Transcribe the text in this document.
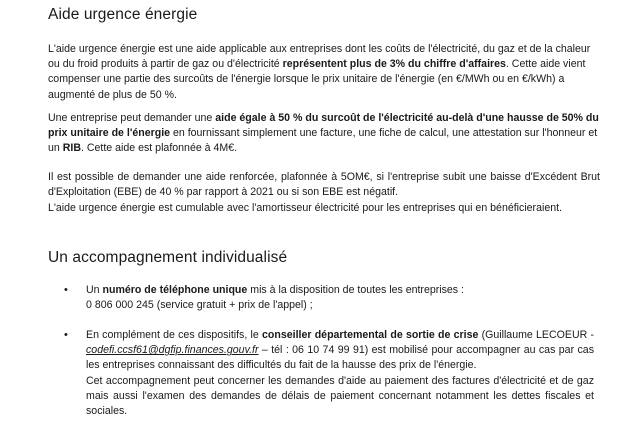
Aide urgence énergie

L'aide urgence énergie est une aide applicable aux entreprises dont les coûts de l'électricité, du gaz et de la chaleur ou du froid produits à partir de gaz ou d'électricité représentent plus de 3% du chiffre d'affaires. Cette aide vient compenser une partie des surcoûts de l'énergie lorsque le prix unitaire de l'énergie (en €/MWh ou en €/kWh) a augmenté de plus de 50 %.

Une entreprise peut demander une aide égale à 50 % du surcoût de l'électricité au-delà d'une hausse de 50% du prix unitaire de l'énergie en fournissant simplement une facture, une fiche de calcul, une attestation sur l'honneur et un RIB. Cette aide est plafonnée à 4M€.

Il est possible de demander une aide renforcée, plafonnée à 5OM€, si l'entreprise subit une baisse d'Excédent Brut d'Exploitation (EBE) de 40 % par rapport à 2021 ou si son EBE est négatif.

L'aide urgence énergie est cumulable avec l'amortisseur électricité pour les entreprises qui en bénéficieraient.

Un accompagnement individualisé
• Un numéro de téléphone unique mis à la disposition de toutes les entreprises :
0 806 000 245 (service gratuit + prix de l'appel) ;

• En complément de ces dispositifs, le conseiller départemental de sortie de crise (Guillaume LECOEUR - codefi.ccsf61@dgfip.finances.gouv.fr – tél : 06 10 74 99 91) est mobilisé pour accompagner au cas par cas les entreprises connaissant des difficultés du fait de la hausse des prix de l'énergie.
Cet accompagnement peut concerner les demandes d'aide au paiement des factures d'électricité et de gaz mais aussi l'examen des demandes de délais de paiement concernant notamment les dettes fiscales et sociales.
